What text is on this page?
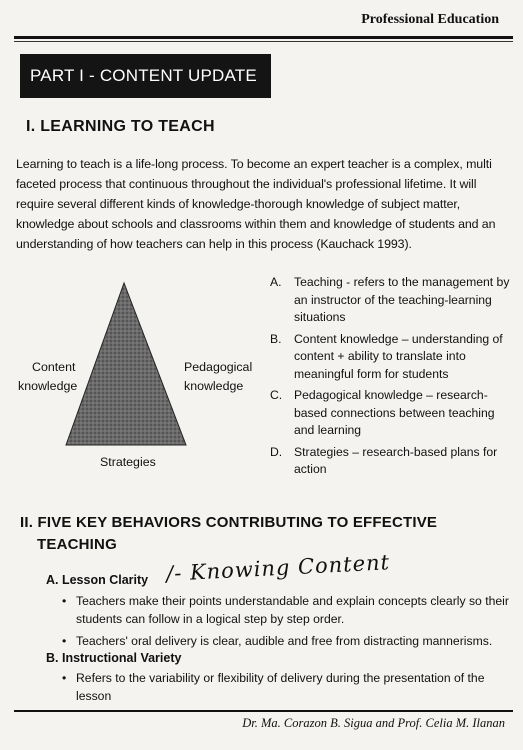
Professional Education
PART I - CONTENT UPDATE
I. LEARNING TO TEACH
Learning to teach is a life-long process. To become an expert teacher is a complex, multi faceted process that continuous throughout the individual's professional lifetime. It will require several different kinds of knowledge-thorough knowledge of subject matter, knowledge about schools and classrooms within them and knowledge of students and an understanding of how teachers can help in this process (Kauchack 1993).
Content
knowledge
Pedagogical
knowledge
Strategies
A.	Teaching - refers to the management by an instructor of the teaching-learning situations
B.	Content knowledge – understanding of content + ability to translate into meaningful form for students
C. Pedagogical knowledge – research-based connections between teaching and learning
D. Strategies – research-based plans for action
II. FIVE KEY BEHAVIORS CONTRIBUTING TO EFFECTIVE
TEACHING
A. Lesson Clarity /- Knowing Content
• Teachers make their points understandable and explain concepts clearly so their students can follow in a logical step by step order.
• Teachers' oral delivery is clear, audible and free from distracting mannerisms.
B. Instructional Variety
• Refers to the variability or flexibility of delivery during the presentation of the lesson
Dr. Ma. Corazon B. Sigua and Prof. Celia M. Ilanan
